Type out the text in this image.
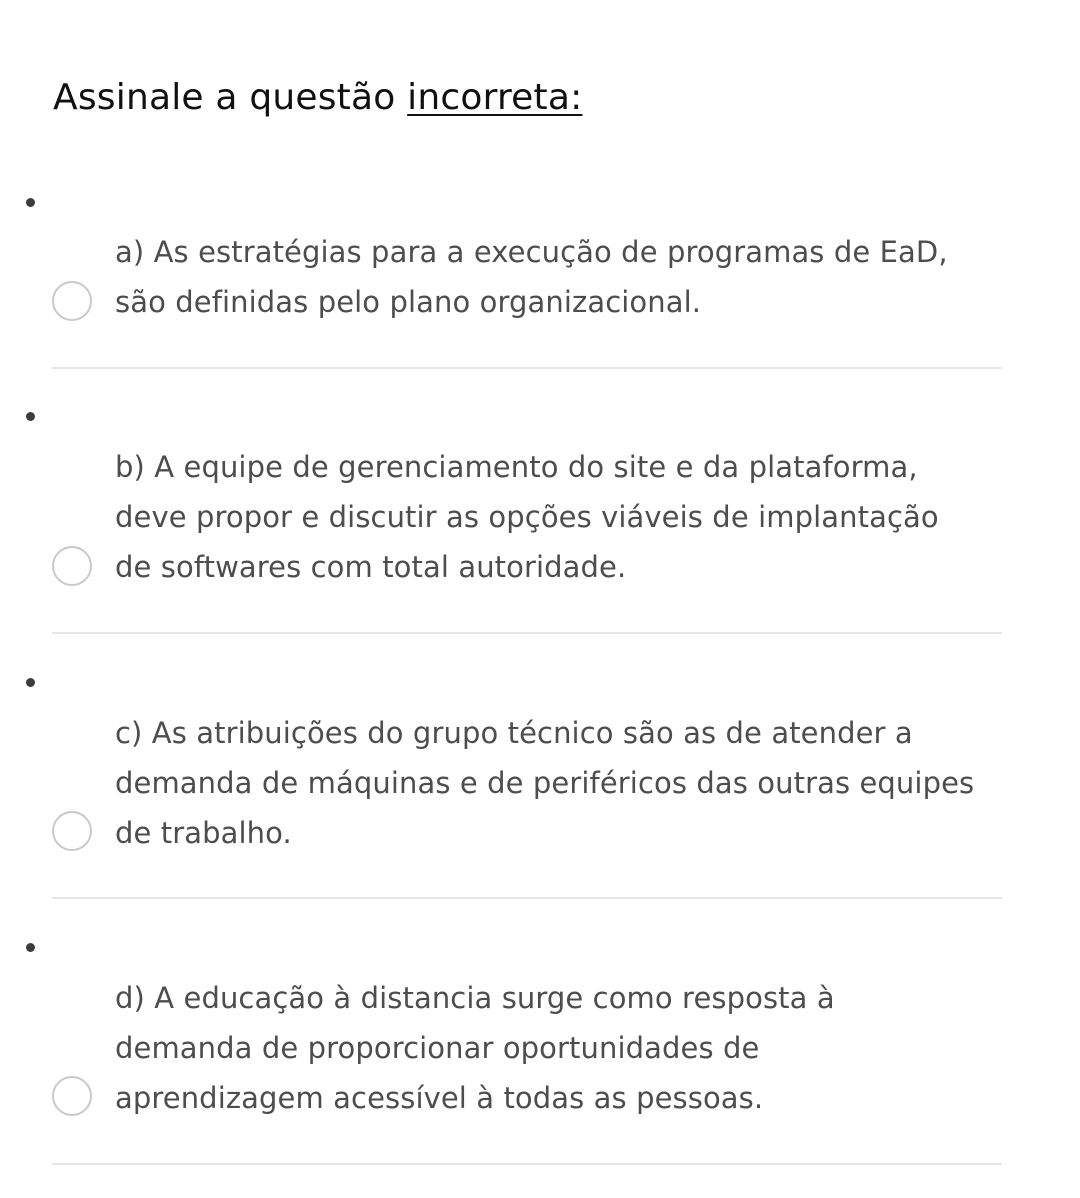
Assinale a questão incorreta:
a) As estratégias para a execução de programas de EaD, são definidas pelo plano organizacional.
b) A equipe de gerenciamento do site e da plataforma, deve propor e discutir as opções viáveis de implantação de softwares com total autoridade.
c) As atribuições do grupo técnico são as de atender a demanda de máquinas e de periféricos das outras equipes de trabalho.
d) A educação à distancia surge como resposta à demanda de proporcionar oportunidades de aprendizagem acessível à todas as pessoas.
